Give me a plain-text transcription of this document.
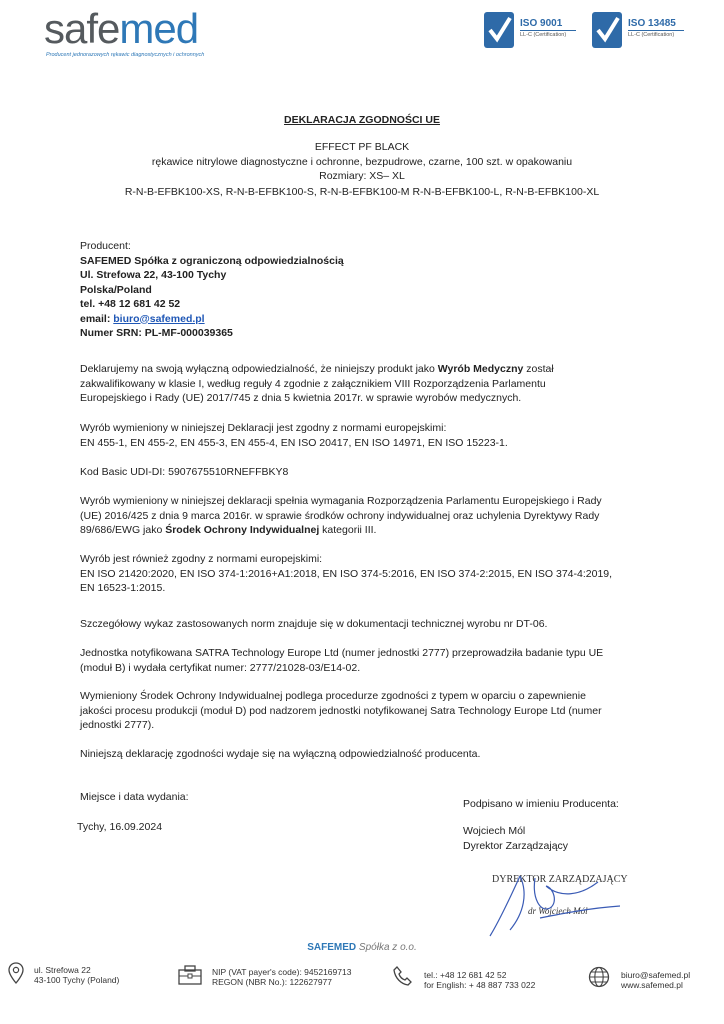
safemed
Producent jednorazowych rękawic diagnostycznych i ochronnych
ISO 9001
LL-C (Certification)
ISO 13485
LL-C (Certification)
DEKLARACJA ZGODNOŚCI UE
EFFECT PF BLACK
rękawice nitrylowe diagnostyczne i ochronne, bezpudrowe, czarne, 100 szt. w opakowaniu
Rozmiary: XS– XL
R-N-B-EFBK100-XS, R-N-B-EFBK100-S, R-N-B-EFBK100-M R-N-B-EFBK100-L, R-N-B-EFBK100-XL
Producent:
SAFEMED Spółka z ograniczoną odpowiedzialnością
Ul. Strefowa 22, 43-100 Tychy
Polska/Poland
tel. +48 12 681 42 52
email: biuro@safemed.pl
Numer SRN: PL-MF-000039365
Deklarujemy na swoją wyłączną odpowiedzialność, że niniejszy produkt jako Wyrób Medyczny został
zakwalifikowany w klasie I, według reguły 4 zgodnie z załącznikiem VIII Rozporządzenia Parlamentu
Europejskiego i Rady (UE) 2017/745 z dnia 5 kwietnia 2017r. w sprawie wyrobów medycznych.
Wyrób wymieniony w niniejszej Deklaracji jest zgodny z normami europejskimi:
EN 455-1, EN 455-2, EN 455-3, EN 455-4, EN ISO 20417, EN ISO 14971, EN ISO 15223-1.
Kod Basic UDI-DI: 5907675510RNEFFBKY8
Wyrób wymieniony w niniejszej deklaracji spełnia wymagania Rozporządzenia Parlamentu Europejskiego i Rady
(UE) 2016/425 z dnia 9 marca 2016r. w sprawie środków ochrony indywidualnej oraz uchylenia Dyrektywy Rady
89/686/EWG jako Środek Ochrony Indywidualnej kategorii III.
Wyrób jest również zgodny z normami europejskimi:
EN ISO 21420:2020, EN ISO 374-1:2016+A1:2018, EN ISO 374-5:2016, EN ISO 374-2:2015, EN ISO 374-4:2019,
EN 16523-1:2015.
Szczegółowy wykaz zastosowanych norm znajduje się w dokumentacji technicznej wyrobu nr DT-06.
Jednostka notyfikowana SATRA Technology Europe Ltd (numer jednostki 2777) przeprowadziła badanie typu UE
(moduł B) i wydała certyfikat numer: 2777/21028-03/E14-02.
Wymieniony Środek Ochrony Indywidualnej podlega procedurze zgodności z typem w oparciu o zapewnienie
jakości procesu produkcji (moduł D) pod nadzorem jednostki notyfikowanej Satra Technology Europe Ltd (numer
jednostki 2777).
Niniejszą deklarację zgodności wydaje się na wyłączną odpowiedzialność producenta.
Miejsce i data wydania:
Tychy, 16.09.2024
Podpisano w imieniu Producenta:
Wojciech Mól
Dyrektor Zarządzający
DYREKTOR ZARZĄDZAJĄCY
dr Wojciech Mól
SAFEMED Spółka z o.o.
ul. Strefowa 22
43-100 Tychy (Poland)
NIP (VAT payer's code): 9452169713
REGON (NBR No.): 122627977
tel.: +48 12 681 42 52
for English: + 48 887 733 022
biuro@safemed.pl
www.safemed.pl
